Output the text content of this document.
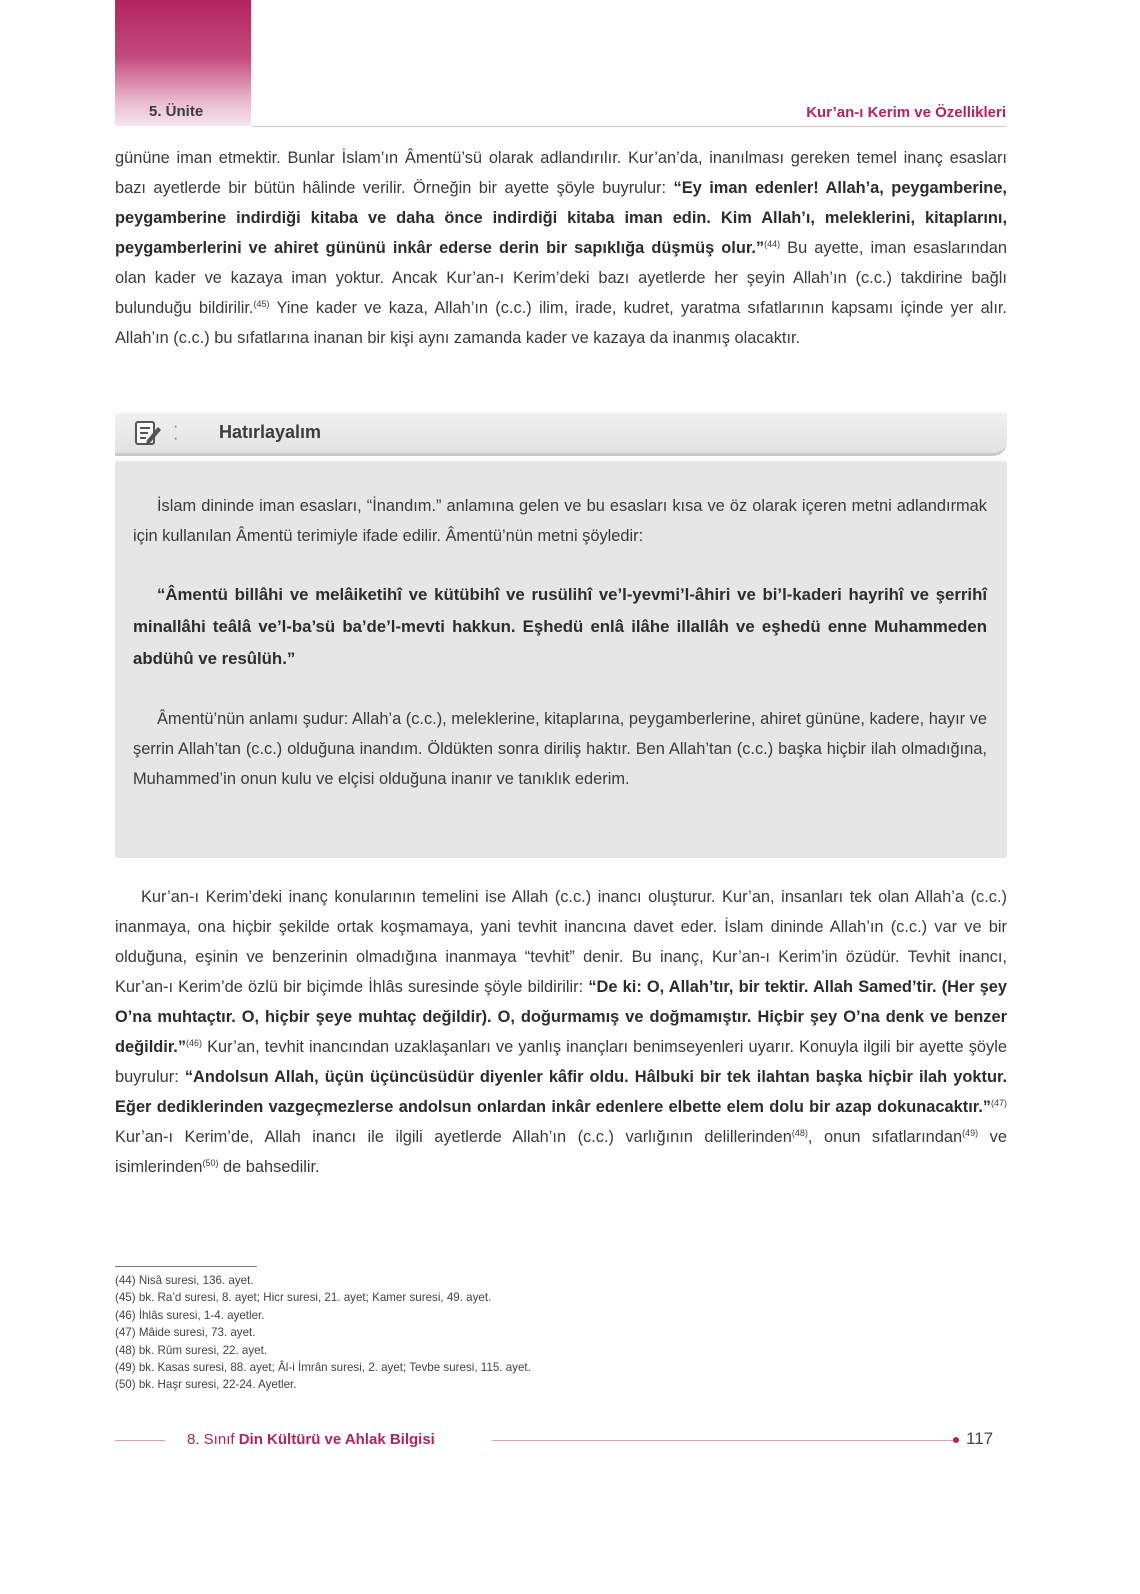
5. Ünite	Kur’an-ı Kerim ve Özellikleri

gününe iman etmektir. Bunlar İslam’ın Âmentü’sü olarak adlandırılır. Kur’an’da, inanılması gereken temel inanç esasları bazı ayetlerde bir bütün hâlinde verilir. Örneğin bir ayette şöyle buyrulur: “Ey iman edenler! Allah’a, peygamberine, peygamberine indirdiği kitaba ve daha önce indirdiği kitaba iman edin. Kim Allah’ı, meleklerini, kitaplarını, peygamberlerini ve ahiret gününü inkâr ederse derin bir sapıklığa düşmüş olur.”$^{(44)}$ Bu ayette, iman esaslarından olan kader ve kazaya iman yoktur. Ancak Kur’an-ı Kerim’deki bazı ayetlerde her şeyin Allah’ın (c.c.) takdirine bağlı bulunduğu bildirilir.$^{(45)}$ Yine kader ve kaza, Allah’ın (c.c.) ilim, irade, kudret, yaratma sıfatlarının kapsamı içinde yer alır. Allah’ın (c.c.) bu sıfatlarına inanan bir kişi aynı zamanda kader ve kazaya da inanmış olacaktır.

·
· Hatırlayalım

İslam dininde iman esasları, “İnandım.” anlamına gelen ve bu esasları kısa ve öz olarak içeren metni adlandırmak için kullanılan Âmentü terimiyle ifade edilir. Âmentü’nün metni şöyledir:

“Âmentü billâhi ve melâiketihî ve kütübihî ve rusülihî ve’l-yevmi’l-âhiri ve bi’l-kaderi hayrihî ve şerrihî minallâhi teâlâ ve’l-ba’sü ba’de’l-mevti hakkun. Eşhedü enlâ ilâhe illallâh ve eşhedü enne Muhammeden abdühû ve resûlüh.”

Âmentü’nün anlamı şudur: Allah’a (c.c.), meleklerine, kitaplarına, peygamberlerine, ahiret gününe, kadere, hayır ve şerrin Allah’tan (c.c.) olduğuna inandım. Öldükten sonra diriliş haktır. Ben Allah’tan (c.c.) başka hiçbir ilah olmadığına, Muhammed’in onun kulu ve elçisi olduğuna inanır ve tanıklık ederim.

Kur’an-ı Kerim’deki inanç konularının temelini ise Allah (c.c.) inancı oluşturur. Kur’an, insanları tek olan Allah’a (c.c.) inanmaya, ona hiçbir şekilde ortak koşmamaya, yani tevhit inancına davet eder. İslam dininde Allah’ın (c.c.) var ve bir olduğuna, eşinin ve benzerinin olmadığına inanmaya “tevhit” denir. Bu inanç, Kur’an-ı Kerim’in özüdür. Tevhit inancı, Kur’an-ı Kerim’de özlü bir biçimde İhlâs suresinde şöyle bildirilir: “De ki: O, Allah’tır, bir tektir. Allah Samed’tir. (Her şey O’na muhtaçtır. O, hiçbir şeye muhtaç değildir). O, doğurmamış ve doğmamıştır. Hiçbir şey O’na denk ve benzer değildir.”$^{(46)}$ Kur’an, tevhit inancından uzaklaşanları ve yanlış inançları benimseyenleri uyarır. Konuyla ilgili bir ayette şöyle buyrulur: “Andolsun Allah, üçün üçüncüsüdür diyenler kâfir oldu. Hâlbuki bir tek ilahtan başka hiçbir ilah yoktur. Eğer dediklerinden vazgeçmezlerse andolsun onlardan inkâr edenlere elbette elem dolu bir azap dokunacaktır.”$^{(47)}$ Kur’an-ı Kerim’de, Allah inancı ile ilgili ayetlerde Allah’ın (c.c.) varlığının delillerinden$^{(48)}$, onun sıfatlarından$^{(49)}$ ve isimlerinden$^{(50)}$ de bahsedilir.

(44) Nisâ suresi, 136. ayet.
(45) bk. Ra’d suresi, 8. ayet; Hicr suresi, 21. ayet; Kamer suresi, 49. ayet.
(46) İhlâs suresi, 1-4. ayetler.
(47) Mâide suresi, 73. ayet.
(48) bk. Rûm suresi, 22. ayet.
(49) bk. Kasas suresi, 88. ayet; Âl-i İmrân suresi, 2. ayet; Tevbe suresi, 115. ayet.
(50) bk. Haşr suresi, 22-24. Ayetler.
8. Sınıf Din Kültürü ve Ahlak Bilgisi	117
